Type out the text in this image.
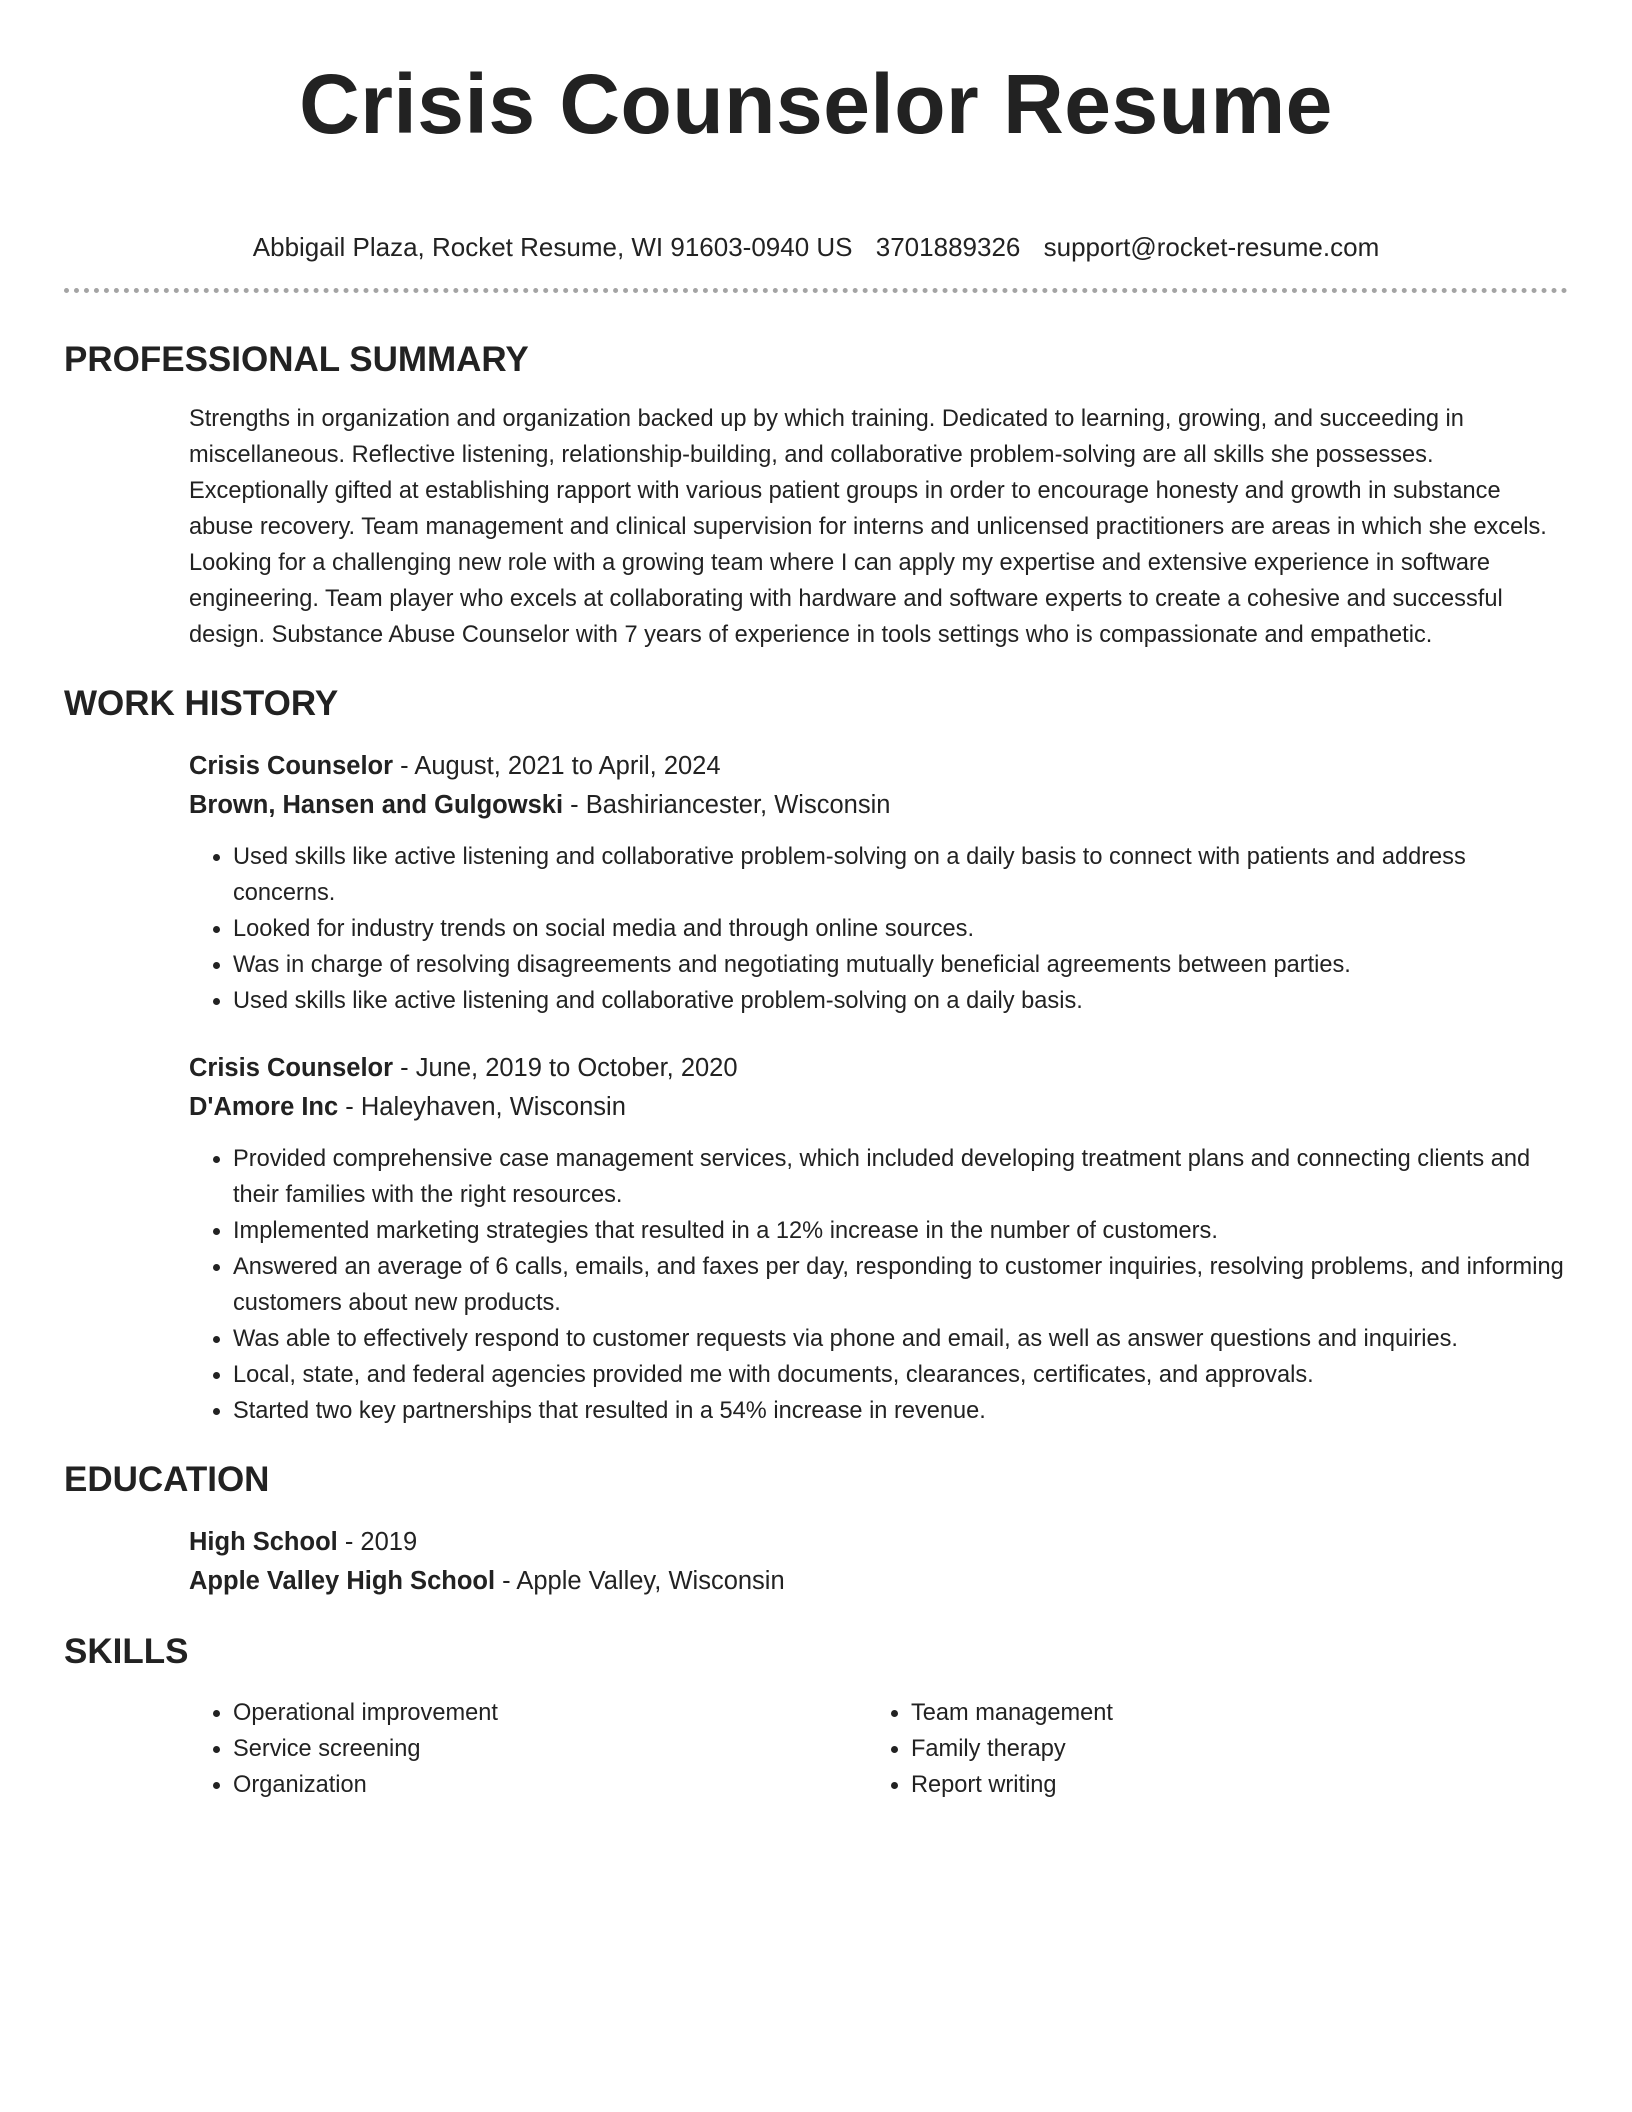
Crisis Counselor Resume
Abbigail Plaza, Rocket Resume, WI 91603-0940 US 3701889326 support@rocket-resume.com
PROFESSIONAL SUMMARY

Strengths in organization and organization backed up by which training. Dedicated to learning, growing, and succeeding in miscellaneous. Reflective listening, relationship-building, and collaborative problem-solving are all skills she possesses. Exceptionally gifted at establishing rapport with various patient groups in order to encourage honesty and growth in substance abuse recovery. Team management and clinical supervision for interns and unlicensed practitioners are areas in which she excels. Looking for a challenging new role with a growing team where I can apply my expertise and extensive experience in software engineering. Team player who excels at collaborating with hardware and software experts to create a cohesive and successful design. Substance Abuse Counselor with 7 years of experience in tools settings who is compassionate and empathetic.

WORK HISTORY
Crisis Counselor - August, 2021 to April, 2024
Brown, Hansen and Gulgowski - Bashiriancester, Wisconsin
• Used skills like active listening and collaborative problem-solving on a daily basis to connect with patients and address concerns.
• Looked for industry trends on social media and through online sources.
• Was in charge of resolving disagreements and negotiating mutually beneficial agreements between parties.
• Used skills like active listening and collaborative problem-solving on a daily basis.
Crisis Counselor - June, 2019 to October, 2020
D'Amore Inc - Haleyhaven, Wisconsin
• Provided comprehensive case management services, which included developing treatment plans and connecting clients and their families with the right resources.
• Implemented marketing strategies that resulted in a 12% increase in the number of customers.
• Answered an average of 6 calls, emails, and faxes per day, responding to customer inquiries, resolving problems, and informing customers about new products.
• Was able to effectively respond to customer requests via phone and email, as well as answer questions and inquiries.
• Local, state, and federal agencies provided me with documents, clearances, certificates, and approvals.
• Started two key partnerships that resulted in a 54% increase in revenue.
EDUCATION
High School - 2019
Apple Valley High School - Apple Valley, Wisconsin
SKILLS
• Operational improvement
• Service screening
• Organization
• Team management
• Family therapy
• Report writing
